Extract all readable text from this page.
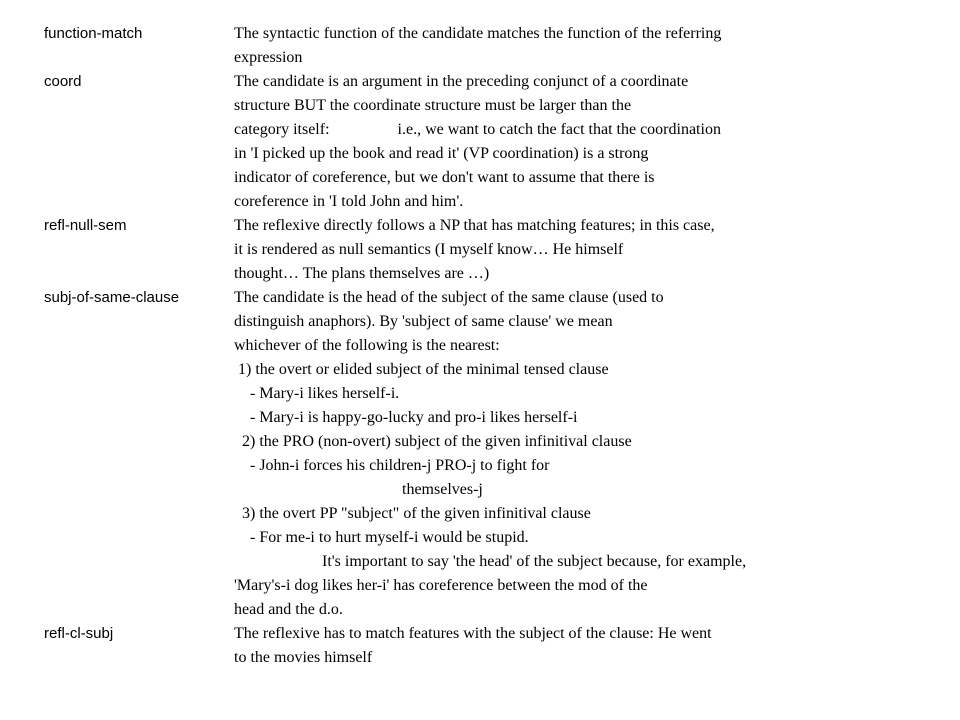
function-match	The syntactic function of the candidate matches the function of the referring
expression
coord	The candidate is an argument in the preceding conjunct of a coordinate
structure BUT the coordinate structure must be larger than the
category itself:                 i.e., we want to catch the fact that the coordination
in 'I picked up the book and read it' (VP coordination) is a strong
indicator of coreference, but we don't want to assume that there is
coreference in 'I told John and him'.
refl-null-sem	The reflexive directly follows a NP that has matching features; in this case,
it is rendered as null semantics (I myself know… He himself
thought… The plans themselves are …)
subj-of-same-clause	The candidate is the head of the subject of the same clause (used to
distinguish anaphors). By 'subject of same clause' we mean
whichever of the following is the nearest:
1) the overt or elided subject of the minimal tensed clause
- Mary-i likes herself-i.
- Mary-i is happy-go-lucky and pro-i likes herself-i
2) the PRO (non-overt) subject of the given infinitival clause
- John-i forces his children-j PRO-j to fight for
themselves-j
3) the overt PP "subject" of the given infinitival clause
- For me-i to hurt myself-i would be stupid.
It's important to say 'the head' of the subject because, for example,
'Mary's-i dog likes her-i' has coreference between the mod of the
head and the d.o.
refl-cl-subj	The reflexive has to match features with the subject of the clause: He went
to the movies himself
